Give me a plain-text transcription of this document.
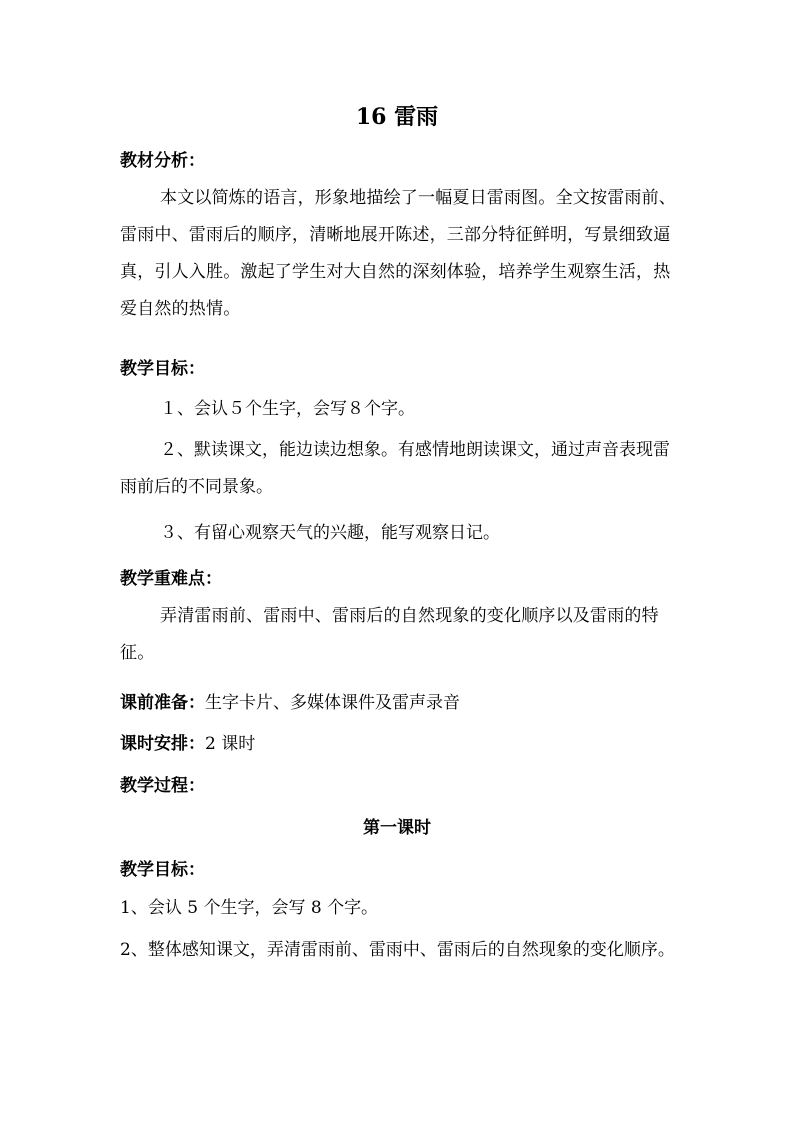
16 雷雨
教材分析：
本文以简炼的语言，形象地描绘了一幅夏日雷雨图。全文按雷雨前、雷雨中、雷雨后的顺序，清晰地展开陈述，三部分特征鲜明，写景细致逼真，引人入胜。激起了学生对大自然的深刻体验，培养学生观察生活，热爱自然的热情。
教学目标：
１、会认５个生字，会写８个字。
２、默读课文，能边读边想象。有感情地朗读课文，通过声音表现雷雨前后的不同景象。
３、有留心观察天气的兴趣，能写观察日记。
教学重难点：
弄清雷雨前、雷雨中、雷雨后的自然现象的变化顺序以及雷雨的特征。
课前准备：生字卡片、多媒体课件及雷声录音
课时安排：2 课时
教学过程：
第一课时
教学目标：
1、会认 5 个生字，会写 8 个字。
2、整体感知课文，弄清雷雨前、雷雨中、雷雨后的自然现象的变化顺序。
